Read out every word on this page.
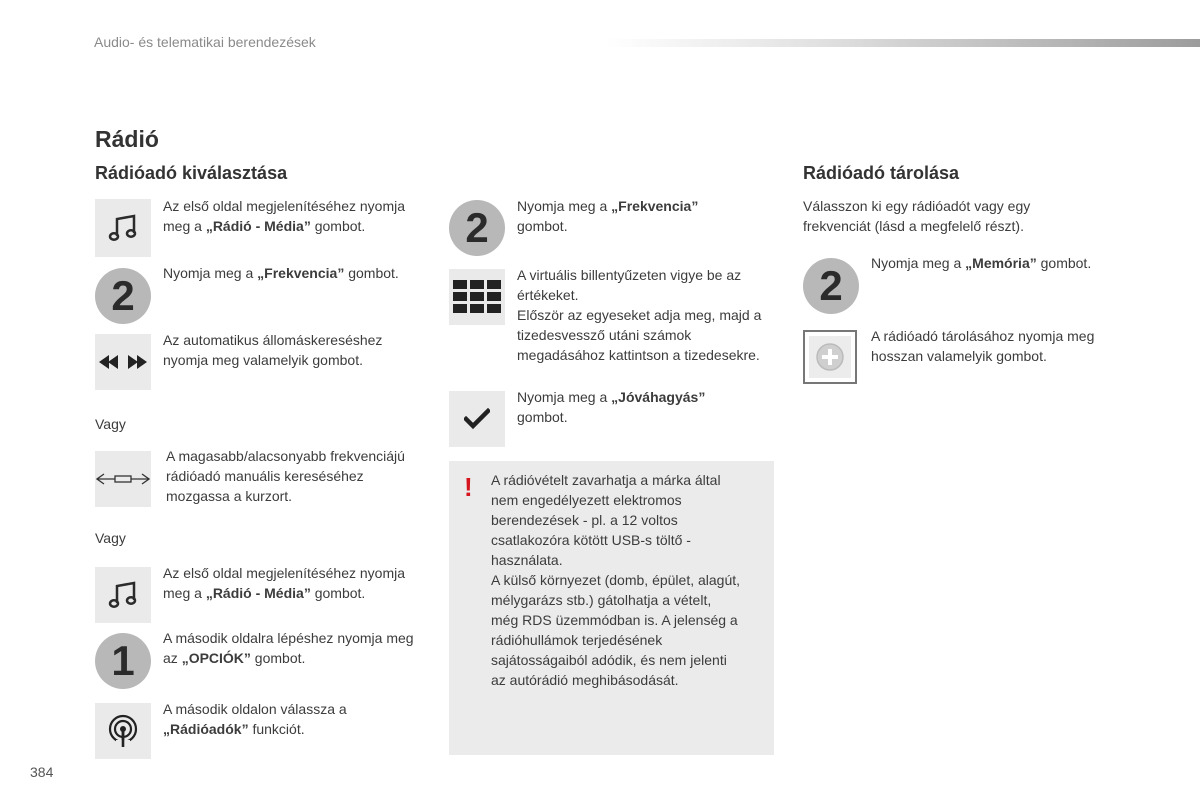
Audio- és telematikai berendezések
Rádió
Rádióadó kiválasztása
Az első oldal megjelenítéséhez nyomja meg a „Rádió - Média” gombot.
2	Nyomja meg a „Frekvencia” gombot.
Az automatikus állomáskereséshez nyomja meg valamelyik gombot.
Vagy
A magasabb/alacsonyabb frekvenciájú rádióadó manuális kereséséhez mozgassa a kurzort.
Vagy
Az első oldal megjelenítéséhez nyomja meg a „Rádió - Média” gombot.
1	A második oldalra lépéshez nyomja meg az „OPCIÓK” gombot.
A második oldalon válassza a „Rádióadók” funkciót.
2	Nyomja meg a „Frekvencia” gombot.
A virtuális billentyűzeten vigye be az értékeket.
Először az egyeseket adja meg, majd a tizedesvessző utáni számok megadásához kattintson a tizedesekre.
Nyomja meg a „Jóváhagyás” gombot.
! A rádióvételt zavarhatja a márka által nem engedélyezett elektromos berendezések - pl. a 12 voltos csatlakozóra kötött USB-s töltő -használata.
A külső környezet (domb, épület, alagút, mélygarázs stb.) gátolhatja a vételt, még RDS üzemmódban is. A jelenség a rádióhullámok terjedésének sajátosságaiból adódik, és nem jelenti az autórádió meghibásodását.
Rádióadó tárolása
Válasszon ki egy rádióadót vagy egy frekvenciát (lásd a megfelelő részt).
2	Nyomja meg a „Memória” gombot.
A rádióadó tárolásához nyomja meg hosszan valamelyik gombot.
384
